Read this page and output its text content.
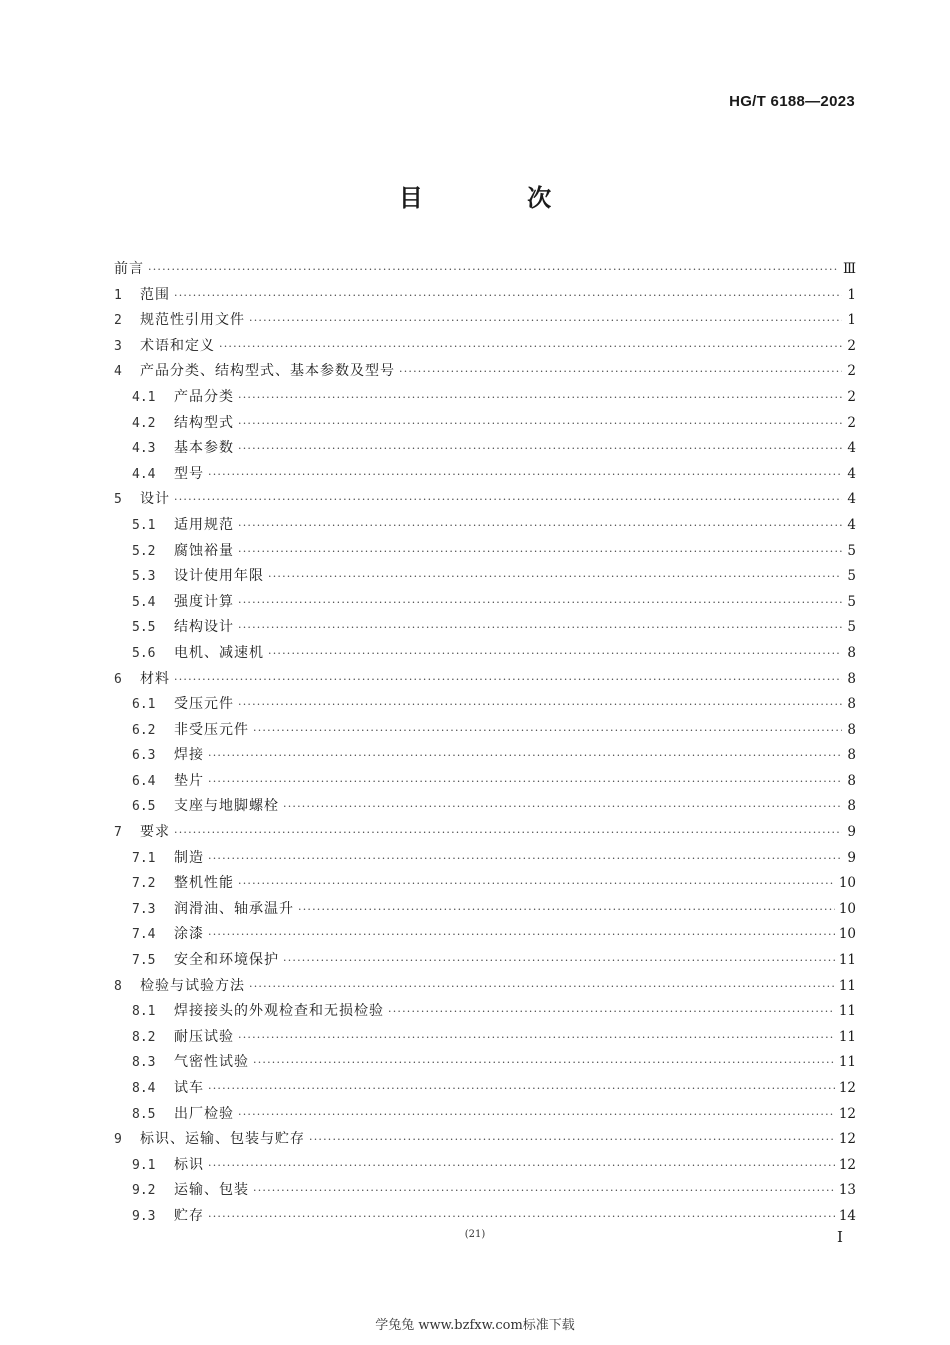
HG/T 6188—2023
目 次
前言 ·····	Ⅲ
1	范围 ·····	1
2	规范性引用文件 ·····	1
3	术语和定义 ·····	2
4	产品分类、结构型式、基本参数及型号 ·····	2
4.1	产品分类 ·····	2
4.2	结构型式 ·····	2
4.3	基本参数 ·····	4
4.4	型号 ·····	4
5	设计 ·····	4
5.1	适用规范 ·····	4
5.2	腐蚀裕量 ·····	5
5.3	设计使用年限 ·····	5
5.4	强度计算 ·····	5
5.5	结构设计 ·····	5
5.6	电机、减速机 ·····	8
6	材料 ·····	8
6.1	受压元件 ·····	8
6.2	非受压元件 ·····	8
6.3	焊接 ·····	8
6.4	垫片 ·····	8
6.5	支座与地脚螺栓 ·····	8
7	要求 ·····	9
7.1	制造 ·····	9
7.2	整机性能 ·····	10
7.3	润滑油、轴承温升 ·····	10
7.4	涂漆 ·····	10
7.5	安全和环境保护 ·····	11
8	检验与试验方法 ·····	11
8.1	焊接接头的外观检查和无损检验 ·····	11
8.2	耐压试验 ·····	11
8.3	气密性试验 ·····	11
8.4	试车 ·····	12
8.5	出厂检验 ·····	12
9	标识、运输、包装与贮存 ·····	12
9.1	标识 ·····	12
9.2	运输、包装 ·····	13
9.3	贮存 ·····	14
(21)	I
学兔兔 www.bzfxw.com标准下载
